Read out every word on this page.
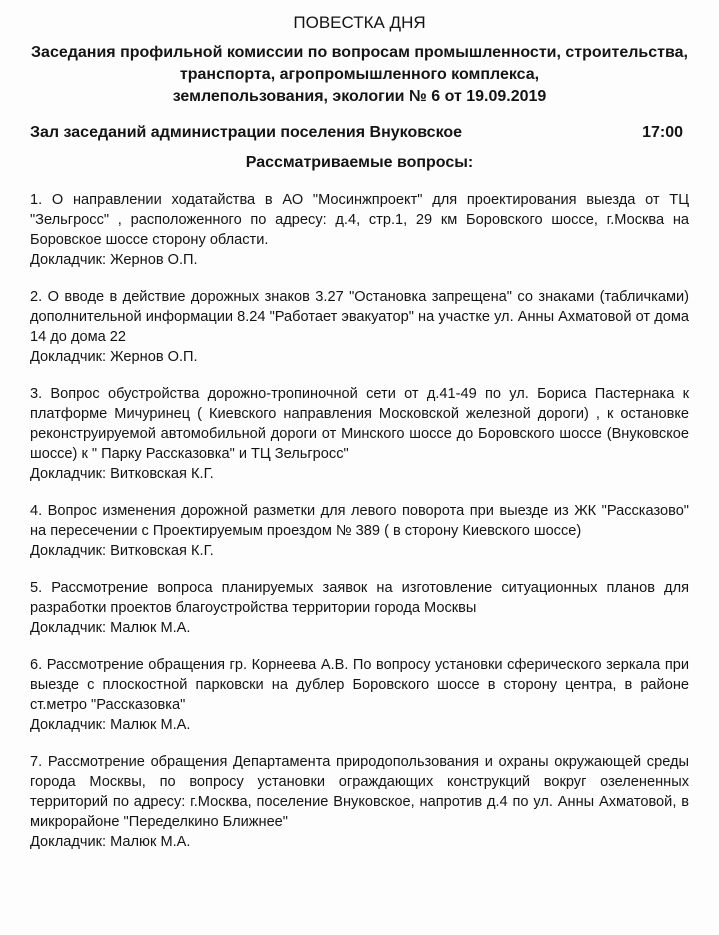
ПОВЕСТКА ДНЯ
Заседания профильной комиссии по вопросам промышленности, строительства,
транспорта, агропромышленного комплекса,
землепользования, экологии № 6 от 19.09.2019
Зал заседаний администрации поселения Внуковское	17:00
Рассматриваемые вопросы:
1. О направлении ходатайства в АО "Мосинжпроект" для проектирования выезда от ТЦ "Зельгросс" , расположенного по адресу: д.4, стр.1, 29 км Боровского шоссе, г.Москва на Боровское шоссе сторону области.
Докладчик: Жернов О.П.
2. О вводе в действие дорожных знаков 3.27 "Остановка запрещена" со знаками (табличками) дополнительной информации 8.24 "Работает эвакуатор" на участке ул. Анны Ахматовой от дома 14 до дома 22
Докладчик: Жернов О.П.
3. Вопрос обустройства дорожно-тропиночной сети от д.41-49 по ул. Бориса Пастернака к платформе Мичуринец ( Киевского направления Московской железной дороги) , к остановке реконструируемой автомобильной дороги от Минского шоссе до Боровского шоссе (Внуковское шоссе) к " Парку Рассказовка" и ТЦ Зельгросс"
Докладчик: Витковская К.Г.
4. Вопрос изменения дорожной разметки для левого поворота при выезде из ЖК "Рассказово" на пересечении с Проектируемым проездом № 389 ( в сторону Киевского шоссе)
Докладчик: Витковская К.Г.
5. Рассмотрение вопроса планируемых заявок на изготовление ситуационных планов для разработки проектов благоустройства территории города Москвы
Докладчик: Малюк М.А.
6. Рассмотрение обращения гр. Корнеева А.В. По вопросу установки сферического зеркала при выезде с плоскостной парковски на дублер Боровского шоссе в сторону центра, в районе ст.метро "Рассказовка"
Докладчик: Малюк М.А.
7. Рассмотрение обращения Департамента природопользования и охраны окружающей среды города Москвы, по вопросу установки ограждающих конструкций вокруг озелененных территорий по адресу: г.Москва, поселение Внуковское, напротив д.4 по ул. Анны Ахматовой, в микрорайоне "Переделкино Ближнее"
Докладчик: Малюк М.А.
